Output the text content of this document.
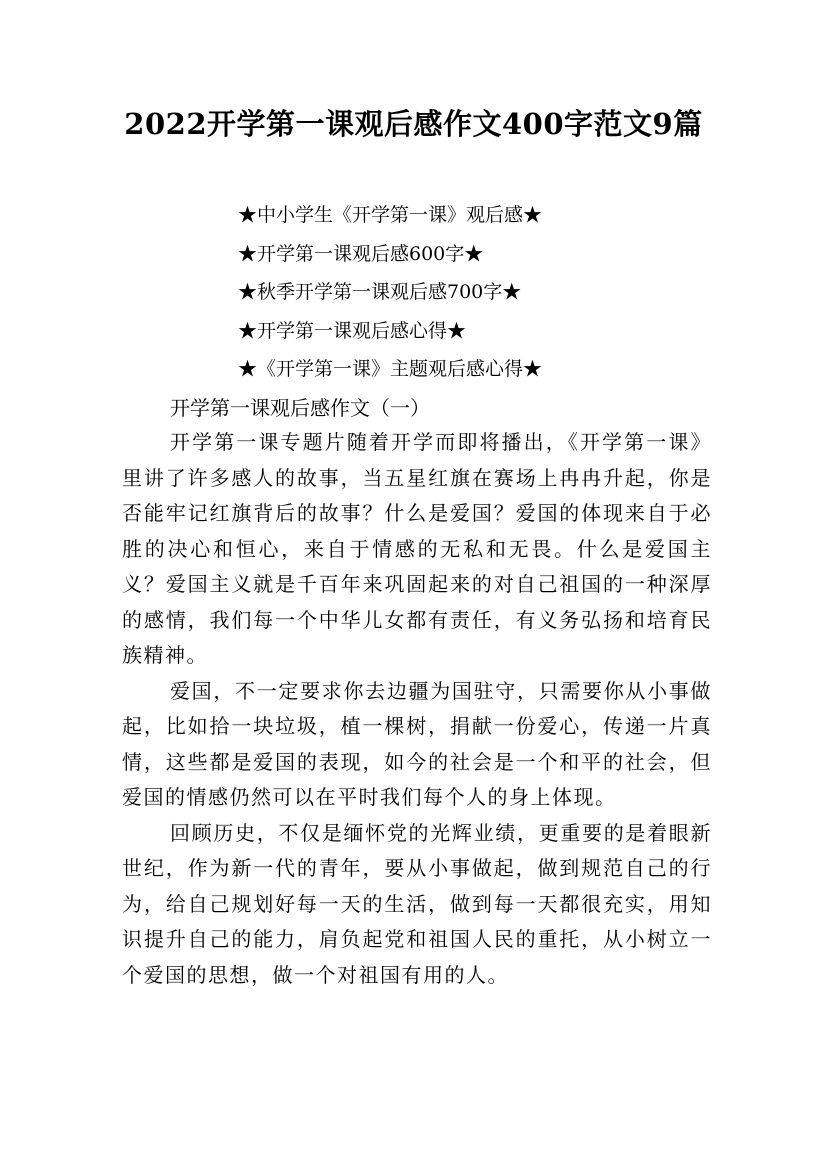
2022开学第一课观后感作文400字范文9篇
★中小学生《开学第一课》观后感★
★开学第一课观后感600字★
★秋季开学第一课观后感700字★
★开学第一课观后感心得★
★《开学第一课》主题观后感心得★
开学第一课观后感作文（一）

开学第一课专题片随着开学而即将播出，《开学第一课》里讲了许多感人的故事，当五星红旗在赛场上冉冉升起，你是否能牢记红旗背后的故事？什么是爱国？爱国的体现来自于必胜的决心和恒心，来自于情感的无私和无畏。什么是爱国主义？爱国主义就是千百年来巩固起来的对自己祖国的一种深厚的感情，我们每一个中华儿女都有责任，有义务弘扬和培育民族精神。

爱国，不一定要求你去边疆为国驻守，只需要你从小事做起，比如拾一块垃圾，植一棵树，捐献一份爱心，传递一片真情，这些都是爱国的表现，如今的社会是一个和平的社会，但爱国的情感仍然可以在平时我们每个人的身上体现。

回顾历史，不仅是缅怀党的光辉业绩，更重要的是着眼新世纪，作为新一代的青年，要从小事做起，做到规范自己的行为，给自己规划好每一天的生活，做到每一天都很充实，用知识提升自己的能力，肩负起党和祖国人民的重托，从小树立一个爱国的思想，做一个对祖国有用的人。
